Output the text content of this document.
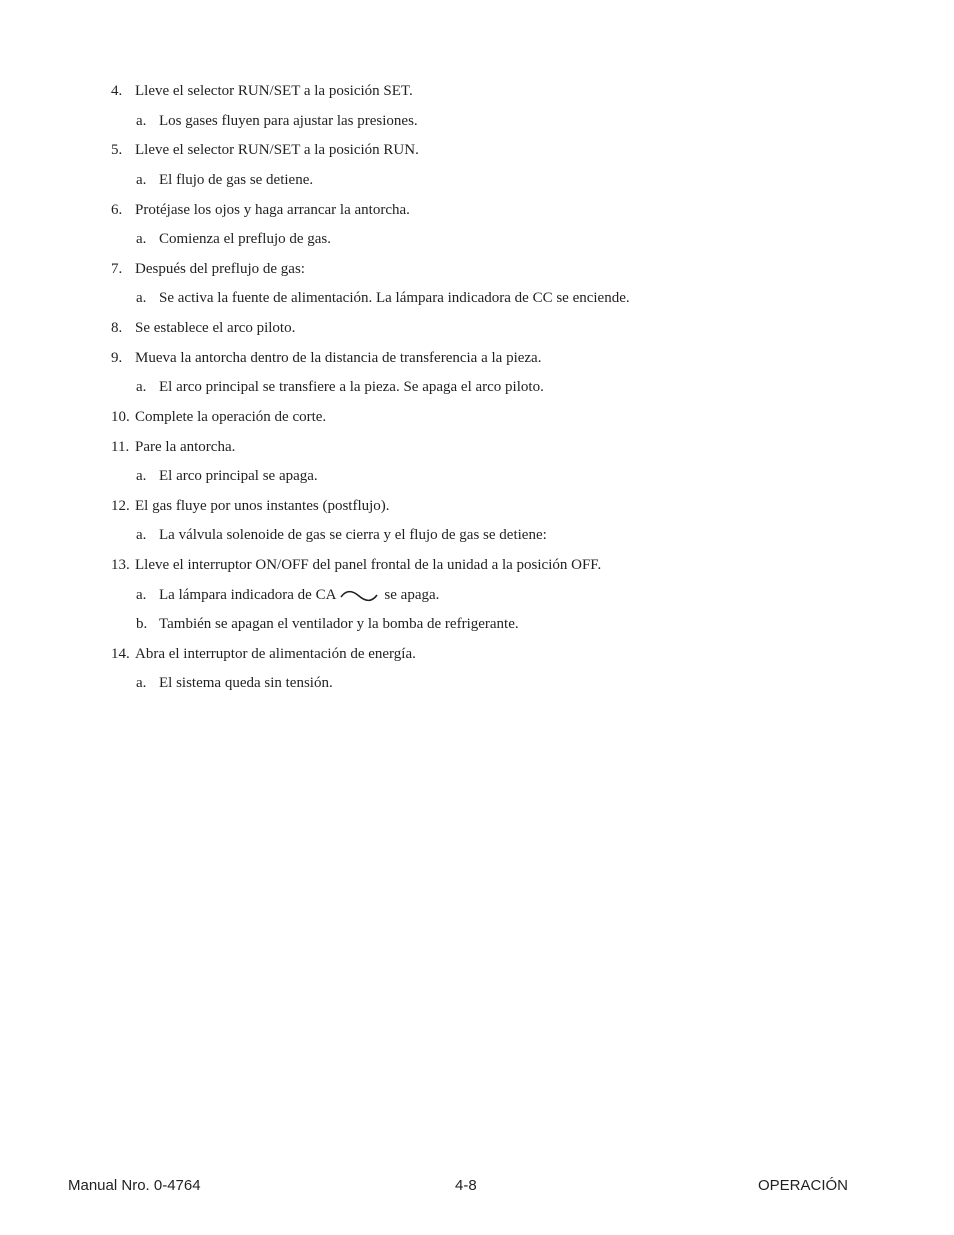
4. Lleve el selector RUN/SET a la posición SET.
a. Los gases fluyen para ajustar las presiones.
5. Lleve el selector RUN/SET a la posición RUN.
a. El flujo de gas se detiene.
6. Protéjase los ojos y haga arrancar la antorcha.
a. Comienza el preflujo de gas.
7. Después del preflujo de gas:
a. Se activa la fuente de alimentación. La lámpara indicadora de CC se enciende.
8. Se establece el arco piloto.
9. Mueva la antorcha dentro de la distancia de transferencia a la pieza.
a. El arco principal se transfiere a la pieza. Se apaga el arco piloto.
10. Complete la operación de corte.
11. Pare la antorcha.
a. El arco principal se apaga.
12. El gas fluye por unos instantes (postflujo).
a. La válvula solenoide de gas se cierra y el flujo de gas se detiene:
13. Lleve el interruptor ON/OFF del panel frontal de la unidad a la posición OFF.
a. La lámpara indicadora de CA	se apaga.
b. También se apagan el ventilador y la bomba de refrigerante.
14. Abra el interruptor de alimentación de energía.
a. El sistema queda sin tensión.
Manual Nro. 0-4764	4-8	OPERACIÓN
